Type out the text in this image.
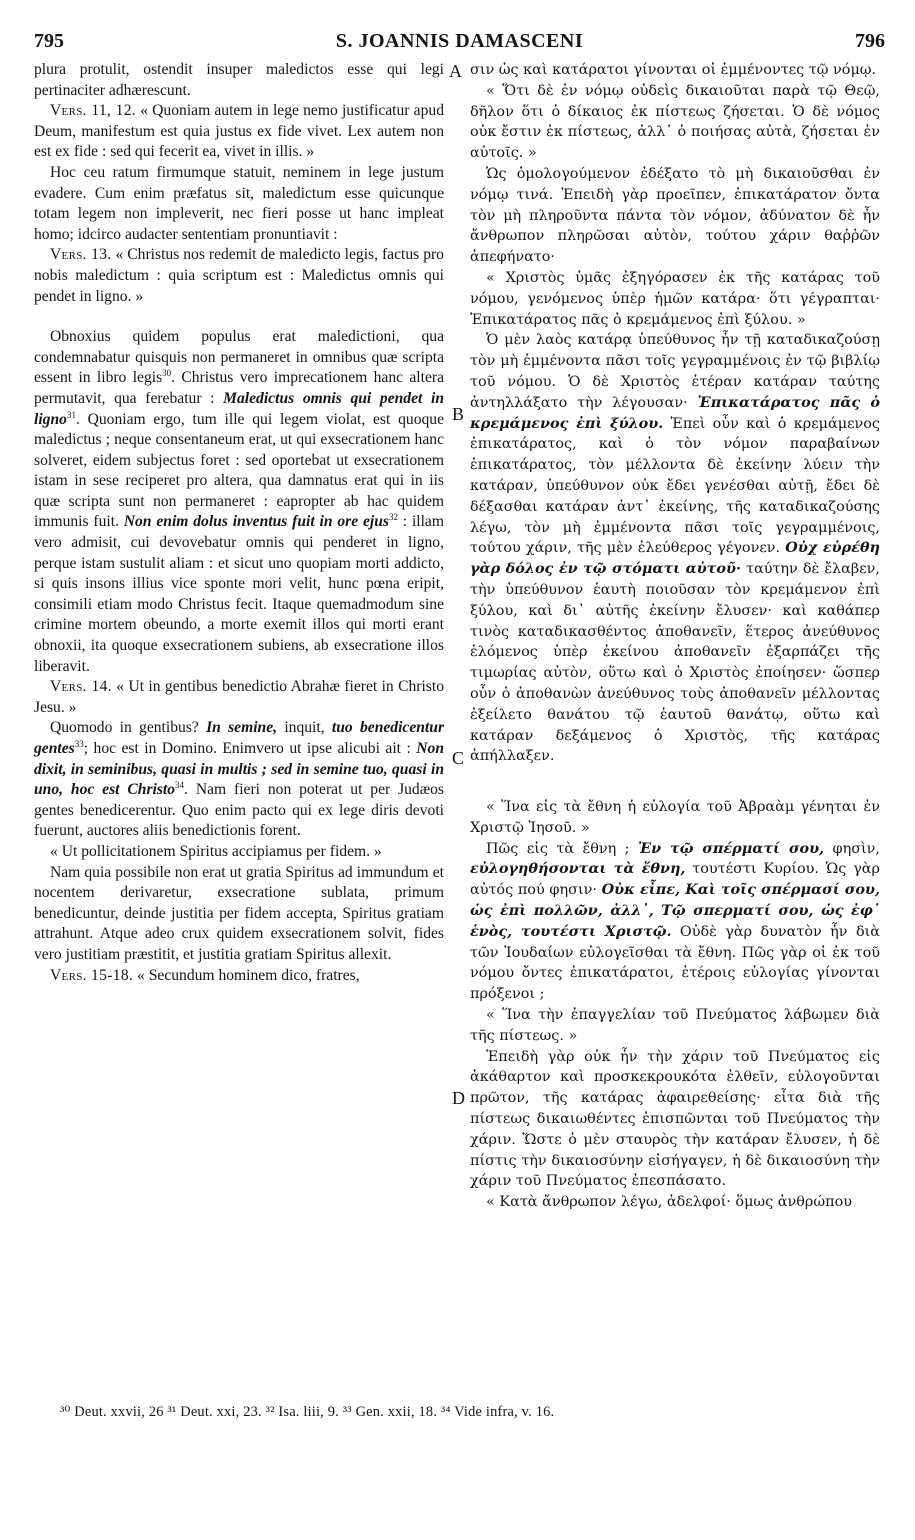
795	S. JOANNIS DAMASCENI	796

plura protulit, ostendit insuper maledictos esse qui legi pertinaciter adhærescunt.

Vers. 11, 12. « Quoniam autem in lege nemo justificatur apud Deum, manifestum est quia justus ex fide vivet. Lex autem non est ex fide : sed qui fecerit ea, vivet in illis. »

Hoc ceu ratum firmumque statuit, neminem in lege justum evadere. Cum enim præfatus sit, maledictum esse quicunque totam legem non impleverit, nec fieri posse ut hanc impleat homo; idcirco audacter sententiam pronuntiavit :

Vers. 13. « Christus nos redemit de maledicto legis, factus pro nobis maledictum : quia scriptum est : Maledictus omnis qui pendet in ligno. »

Obnoxius quidem populus erat maledictioni, qua condemnabatur quisquis non permaneret in omnibus quæ scripta essent in libro legis$^{30}$. Christus vero imprecationem hanc altera permutavit, qua ferebatur : Maledictus omnis qui pendet in ligno$^{31}$. Quoniam ergo, tum ille qui legem violat, est quoque maledictus ; neque consentaneum erat, ut qui exsecrationem hanc solveret, eidem subjectus foret : sed oportebat ut exsecrationem istam in sese reciperet pro altera, qua damnatus erat qui in iis quæ scripta sunt non permaneret : eapropter ab hac quidem immunis fuit. Non enim dolus inventus fuit in ore ejus$^{32}$ : illam vero admisit, cui devovebatur omnis qui penderet in ligno, perque istam sustulit aliam : et sicut uno quopiam morti addicto, si quis insons illius vice sponte mori velit, hunc pœna eripit, consimili etiam modo Christus fecit. Itaque quemadmodum sine crimine mortem obeundo, a morte exemit illos qui morti erant obnoxii, ita quoque exsecrationem subiens, ab exsecratione illos liberavit.

Vers. 14. « Ut in gentibus benedictio Abrahæ fieret in Christo Jesu. »

Quomodo in gentibus? In semine, inquit, tuo benedicentur gentes$^{33}$; hoc est in Domino. Enimvero ut ipse alicubi ait : Non dixit, in seminibus, quasi in multis ; sed in semine tuo, quasi in uno, hoc est Christo$^{34}$. Nam fieri non poterat ut per Judæos gentes benedicerentur. Quo enim pacto qui ex lege diris devoti fuerunt, auctores aliis benedictionis forent.

« Ut pollicitationem Spiritus accipiamus per fidem. »

Nam quia possibile non erat ut gratia Spiritus ad immundum et nocentem derivaretur, exsecratione sublata, primum benedicuntur, deinde justitia per fidem accepta, Spiritus gratiam attrahunt. Atque adeo crux quidem exsecrationem solvit, fides vero justitiam præstitit, et justitia gratiam Spiritus allexit.

Vers. 15-18. « Secundum hominem dico, fratres,

A
B
C
D

σιν ὡς καὶ κατάρατοι γίνονται οἱ ἐμμένοντες τῷ νόμῳ.

« Ὅτι δὲ ἐν νόμῳ οὐδεὶς δικαιοῦται παρὰ τῷ Θεῷ, δῆλον ὅτι ὁ δίκαιος ἐκ πίστεως ζήσεται. Ὁ δὲ νόμος οὐκ ἔστιν ἐκ πίστεως, ἀλλ᾽ ὁ ποιήσας αὐτὰ, ζήσεται ἐν αὐτοῖς. »

Ὡς ὁμολογούμενον ἐδέξατο τὸ μὴ δικαιοῦσθαι ἐν νόμῳ τινά. Ἐπειδὴ γὰρ προεῖπεν, ἐπικατάρατον ὄντα τὸν μὴ πληροῦντα πάντα τὸν νόμον, ἀδύνατον δὲ ἦν ἄνθρωπον πληρῶσαι αὐτὸν, τούτου χάριν θαῤῥῶν ἀπεφήνατο·

« Χριστὸς ὑμᾶς ἐξηγόρασεν ἐκ τῆς κατάρας τοῦ νόμου, γενόμενος ὑπὲρ ἡμῶν κατάρα· ὅτι γέγραπται· Ἐπικατάρατος πᾶς ὁ κρεμάμενος ἐπὶ ξύλου. »

Ὁ μὲν λαὸς κατάρᾳ ὑπεύθυνος ἦν τῇ καταδικαζούσῃ τὸν μὴ ἐμμένοντα πᾶσι τοῖς γεγραμμένοις ἐν τῷ βιβλίῳ τοῦ νόμου. Ὁ δὲ Χριστὸς ἑτέραν κατάραν ταύτης ἀντηλλάξατο τὴν λέγουσαν· Ἐπικατάρατος πᾶς ὁ κρεμάμενος ἐπὶ ξύλου. Ἐπεὶ οὖν καὶ ὁ κρεμάμενος ἐπικατάρατος, καὶ ὁ τὸν νόμον παραβαίνων ἐπικατάρατος, τὸν μέλλοντα δὲ ἐκείνην λύειν τὴν κατάραν, ὑπεύθυνον οὐκ ἔδει γενέσθαι αὐτῇ, ἔδει δὲ δέξασθαι κατάραν ἀντ᾽ ἐκείνης, τῆς καταδικαζούσης λέγω, τὸν μὴ ἐμμένοντα πᾶσι τοῖς γεγραμμένοις, τούτου χάριν, τῆς μὲν ἐλεύθερος γέγονεν. Οὐχ εὑρέθη γὰρ δόλος ἐν τῷ στόματι αὐτοῦ· ταύτην δὲ ἔλαβεν, τὴν ὑπεύθυνον ἑαυτὴ ποιοῦσαν τὸν κρεμάμενον ἐπὶ ξύλου, καὶ δι᾽ αὐτῆς ἐκείνην ἔλυσεν· καὶ καθάπερ τινὸς καταδικασθέντος ἀποθανεῖν, ἕτερος ἀνεύθυνος ἑλόμενος ὑπὲρ ἐκείνου ἀποθανεῖν ἐξαρπάζει τῆς τιμωρίας αὐτὸν, οὕτω καὶ ὁ Χριστὸς ἐποίησεν· ὥσπερ οὖν ὁ ἀποθανὼν ἀνεύθυνος τοὺς ἀποθανεῖν μέλλοντας ἐξείλετο θανάτου τῷ ἑαυτοῦ θανάτῳ, οὕτω καὶ κατάραν δεξάμενος ὁ Χριστὸς, τῆς κατάρας ἀπήλλαξεν.

« Ἵνα εἰς τὰ ἔθνη ἡ εὐλογία τοῦ Ἀβραὰμ γένηται ἐν Χριστῷ Ἰησοῦ. »

Πῶς εἰς τὰ ἔθνη ; Ἐν τῷ σπέρματί σου, φησὶν, εὐλογηθήσονται τὰ ἔθνη, τουτέστι Κυρίου. Ὡς γὰρ αὐτός πού φησιν· Οὐκ εἶπε, Καὶ τοῖς σπέρμασί σου, ὡς ἐπὶ πολλῶν, ἀλλ᾽, Τῷ σπερματί σου, ὡς ἐφ᾽ ἑνὸς, τουτέστι Χριστῷ. Οὐδὲ γὰρ δυνατὸν ἦν διὰ τῶν Ἰουδαίων εὐλογεῖσθαι τὰ ἔθνη. Πῶς γὰρ οἱ ἐκ τοῦ νόμου ὄντες ἐπικατάρατοι, ἑτέροις εὐλογίας γίνονται πρόξενοι ;

« Ἵνα τὴν ἐπαγγελίαν τοῦ Πνεύματος λάβωμεν διὰ τῆς πίστεως. »

Ἐπειδὴ γὰρ οὐκ ἦν τὴν χάριν τοῦ Πνεύματος εἰς ἀκάθαρτον καὶ προσκεκρουκότα ἐλθεῖν, εὐλογοῦνται πρῶτον, τῆς κατάρας ἀφαιρεθείσης· εἶτα διὰ τῆς πίστεως δικαιωθέντες ἐπισπῶνται τοῦ Πνεύματος τὴν χάριν. Ὥστε ὁ μὲν σταυρὸς τὴν κατάραν ἔλυσεν, ἡ δὲ πίστις τὴν δικαιοσύνην εἰσήγαγεν, ἡ δὲ δικαιοσύνη τὴν χάριν τοῦ Πνεύματος ἐπεσπάσατο.

« Κατὰ ἄνθρωπον λέγω, ἀδελφοί· ὅμως ἀνθρώπου

³⁰ Deut. xxvii, 26 ³¹ Deut. xxi, 23. ³² Isa. liii, 9. ³³ Gen. xxii, 18. ³⁴ Vide infra, v. 16.
